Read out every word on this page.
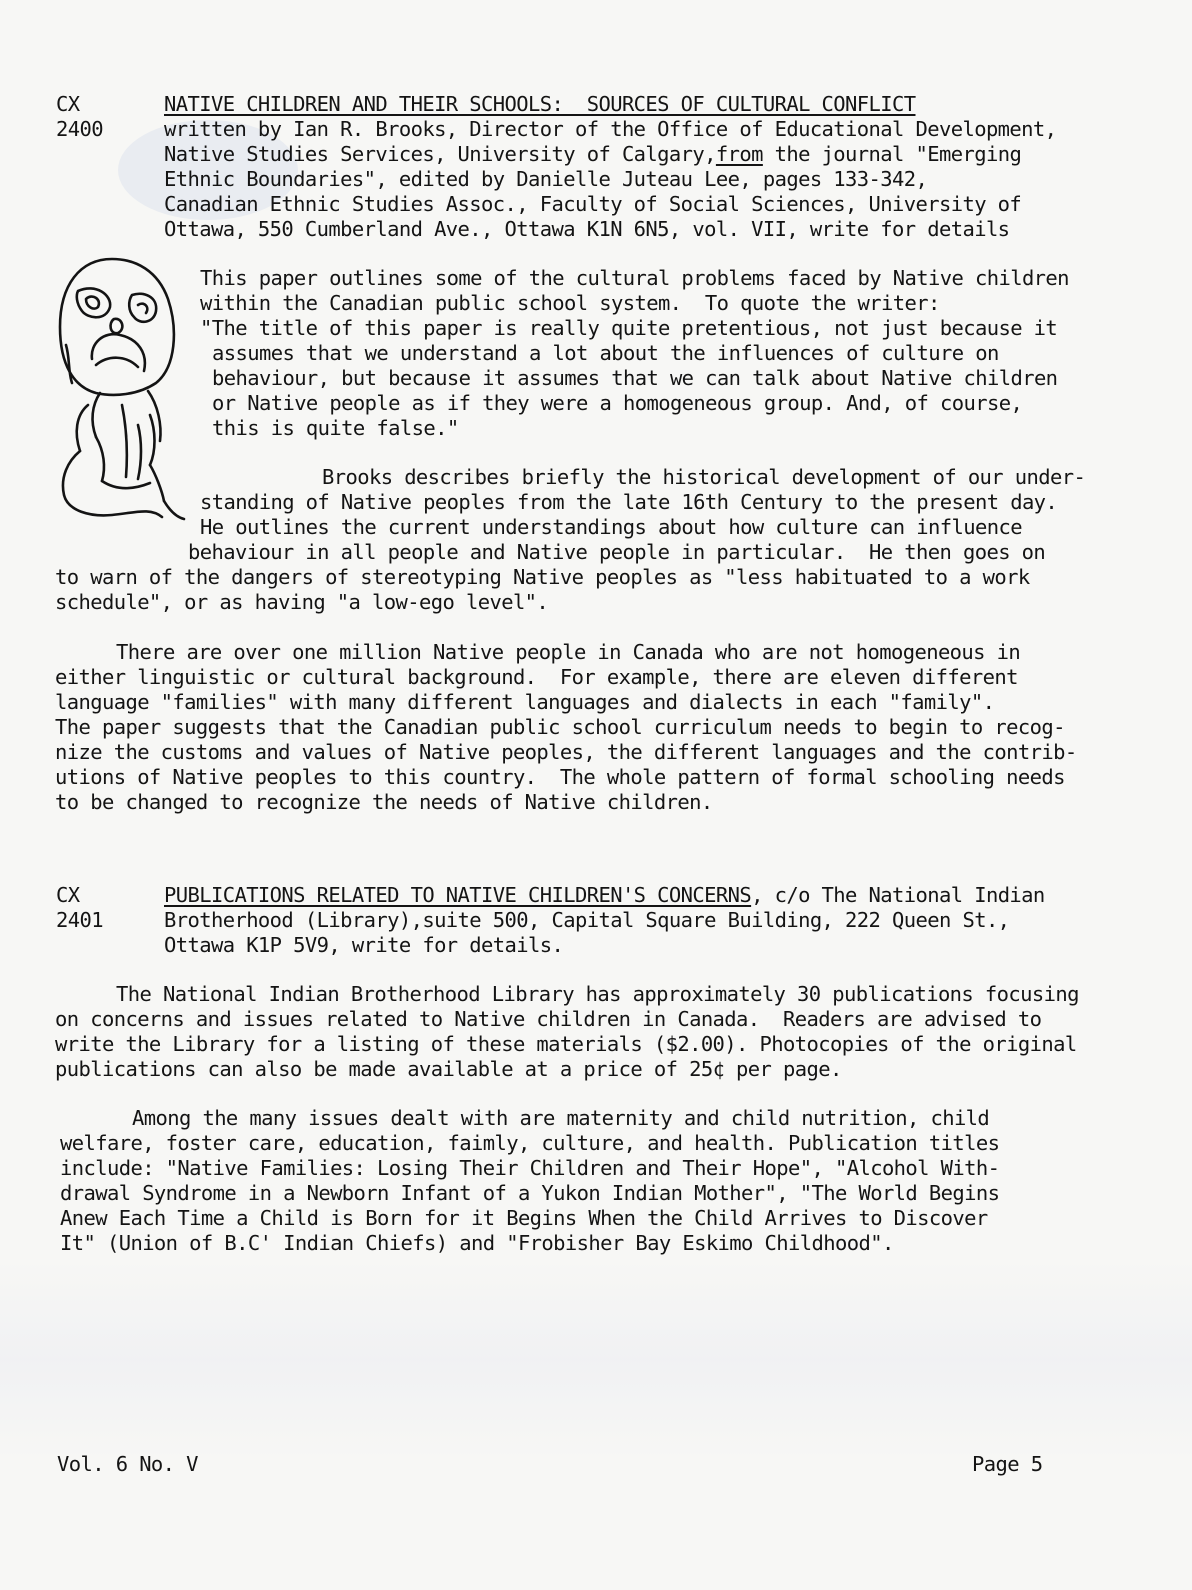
CX
2400
NATIVE CHILDREN AND THEIR SCHOOLS:  SOURCES OF CULTURAL CONFLICT
written by Ian R. Brooks, Director of the Office of Educational Development,
Native Studies Services, University of Calgary,from the journal "Emerging
Ethnic Boundaries", edited by Danielle Juteau Lee, pages 133-342,
Canadian Ethnic Studies Assoc., Faculty of Social Sciences, University of
Ottawa, 550 Cumberland Ave., Ottawa K1N 6N5, vol. VII, write for details
This paper outlines some of the cultural problems faced by Native children
within the Canadian public school system.  To quote the writer:
"The title of this paper is really quite pretentious, not just because it
assumes that we understand a lot about the influences of culture on
behaviour, but because it assumes that we can talk about Native children
or Native people as if they were a homogeneous group. And, of course,
this is quite false."
Brooks describes briefly the historical development of our under-
standing of Native peoples from the late 16th Century to the present day.
He outlines the current understandings about how culture can influence
behaviour in all people and Native people in particular.  He then goes on
to warn of the dangers of stereotyping Native peoples as "less habituated to a work
schedule", or as having "a low-ego level".
There are over one million Native people in Canada who are not homogeneous in
either linguistic or cultural background.  For example, there are eleven different
language "families" with many different languages and dialects in each "family".
The paper suggests that the Canadian public school curriculum needs to begin to recog-
nize the customs and values of Native peoples, the different languages and the contrib-
utions of Native peoples to this country.  The whole pattern of formal schooling needs
to be changed to recognize the needs of Native children.
CX
2401
PUBLICATIONS RELATED TO NATIVE CHILDREN'S CONCERNS, c/o The National Indian
Brotherhood (Library),suite 500, Capital Square Building, 222 Queen St.,
Ottawa K1P 5V9, write for details.
The National Indian Brotherhood Library has approximately 30 publications focusing
on concerns and issues related to Native children in Canada.  Readers are advised to
write the Library for a listing of these materials ($2.00). Photocopies of the original
publications can also be made available at a price of 25¢ per page.
Among the many issues dealt with are maternity and child nutrition, child
welfare, foster care, education, faimly, culture, and health. Publication titles
include: "Native Families: Losing Their Children and Their Hope", "Alcohol With-
drawal Syndrome in a Newborn Infant of a Yukon Indian Mother", "The World Begins
Anew Each Time a Child is Born for it Begins When the Child Arrives to Discover
It" (Union of B.C' Indian Chiefs) and "Frobisher Bay Eskimo Childhood".
Vol. 6 No. V	Page 5
